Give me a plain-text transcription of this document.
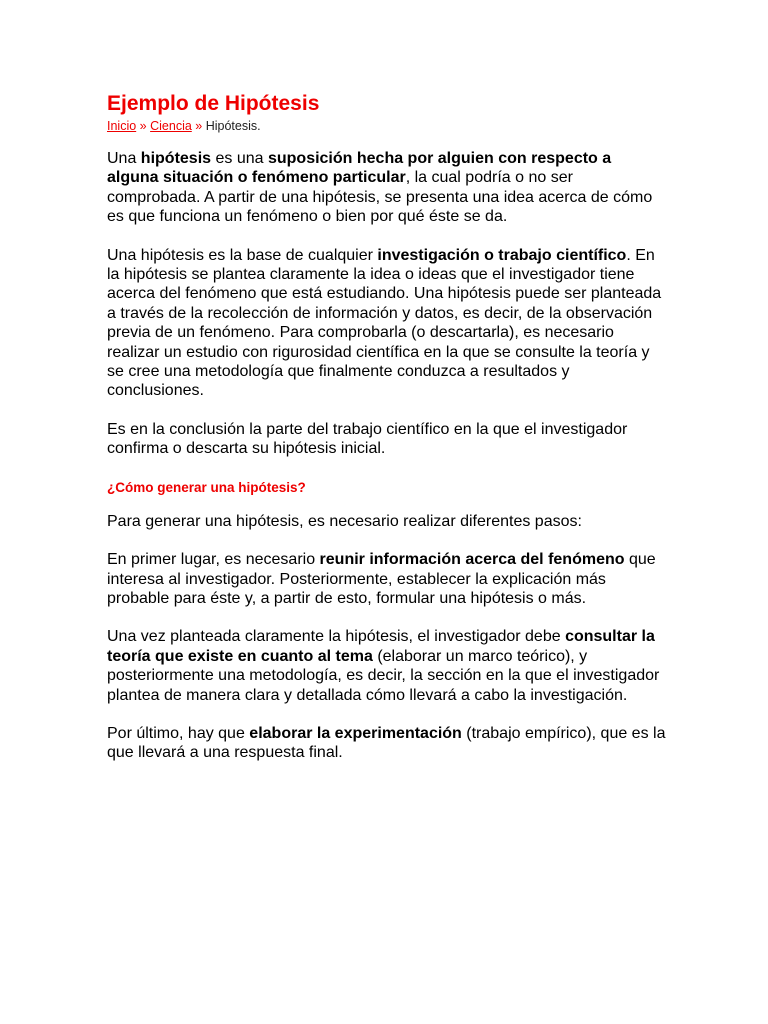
Ejemplo de Hipótesis
Inicio » Ciencia » Hipótesis.

Una hipótesis es una suposición hecha por alguien con respecto a alguna situación o fenómeno particular, la cual podría o no ser comprobada. A partir de una hipótesis, se presenta una idea acerca de cómo es que funciona un fenómeno o bien por qué éste se da.

Una hipótesis es la base de cualquier investigación o trabajo científico. En la hipótesis se plantea claramente la idea o ideas que el investigador tiene acerca del fenómeno que está estudiando. Una hipótesis puede ser planteada a través de la recolección de información y datos, es decir, de la observación previa de un fenómeno. Para comprobarla (o descartarla), es necesario realizar un estudio con rigurosidad científica en la que se consulte la teoría y se cree una metodología que finalmente conduzca a resultados y conclusiones.

Es en la conclusión la parte del trabajo científico en la que el investigador confirma o descarta su hipótesis inicial.

¿Cómo generar una hipótesis?

Para generar una hipótesis, es necesario realizar diferentes pasos:

En primer lugar, es necesario reunir información acerca del fenómeno que interesa al investigador. Posteriormente, establecer la explicación más probable para éste y, a partir de esto, formular una hipótesis o más.

Una vez planteada claramente la hipótesis, el investigador debe consultar la teoría que existe en cuanto al tema (elaborar un marco teórico), y posteriormente una metodología, es decir, la sección en la que el investigador plantea de manera clara y detallada cómo llevará a cabo la investigación.

Por último, hay que elaborar la experimentación (trabajo empírico), que es la que llevará a una respuesta final.
